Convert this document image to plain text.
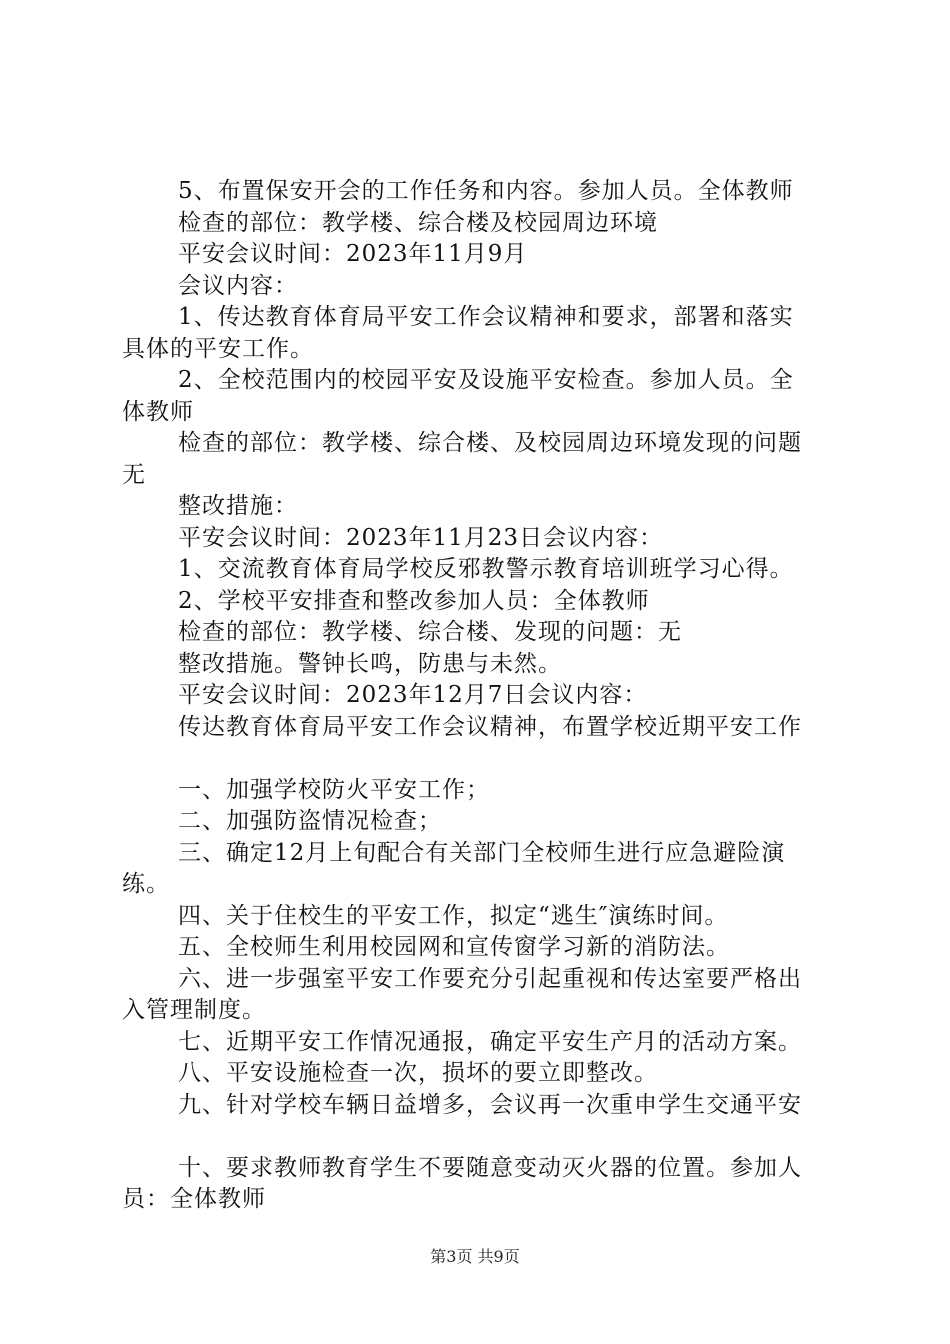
5、布置保安开会的工作任务和内容。参加人员。全体教师
检查的部位：教学楼、综合楼及校园周边环境
平安会议时间：2023年11月9月
会议内容：
1、传达教育体育局平安工作会议精神和要求，部署和落实
具体的平安工作。
2、全校范围内的校园平安及设施平安检查。参加人员。全
体教师
检查的部位：教学楼、综合楼、及校园周边环境发现的问题
无
整改措施：
平安会议时间：2023年11月23日会议内容：
1、交流教育体育局学校反邪教警示教育培训班学习心得。
2、学校平安排查和整改参加人员：全体教师
检查的部位：教学楼、综合楼、发现的问题：无
整改措施。警钟长鸣，防患与未然。
平安会议时间：2023年12月7日会议内容：
传达教育体育局平安工作会议精神，布置学校近期平安工作
一、加强学校防火平安工作；
二、加强防盗情况检查；
三、确定12月上旬配合有关部门全校师生进行应急避险演
练。
四、关于住校生的平安工作，拟定“逃生″演练时间。
五、全校师生利用校园网和宣传窗学习新的消防法。
六、进一步强室平安工作要充分引起重视和传达室要严格出
入管理制度。
七、近期平安工作情况通报，确定平安生产月的活动方案。
八、平安设施检查一次，损坏的要立即整改。
九、针对学校车辆日益增多，会议再一次重申学生交通平安
十、要求教师教育学生不要随意变动灭火器的位置。参加人
员：全体教师
第3页 共9页
